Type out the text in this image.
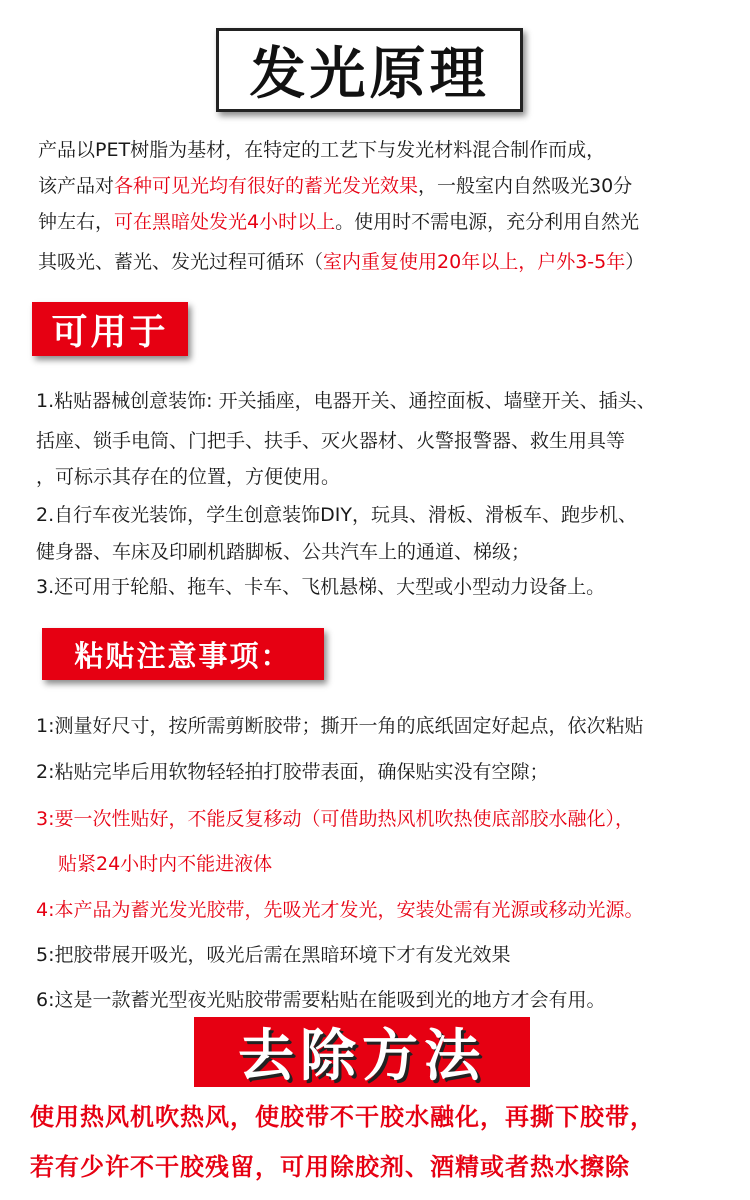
发光原理
产品以PET树脂为基材，在特定的工艺下与发光材料混合制作而成，
该产品对各种可见光均有很好的蓄光发光效果，一般室内自然吸光30分
钟左右，可在黑暗处发光4小时以上。使用时不需电源，充分利用自然光
其吸光、蓄光、发光过程可循环（室内重复使用20年以上，户外3-5年）
可用于
1.粘贴器械创意装饰: 开关插座，电器开关、通控面板、墙壁开关、插头、
括座、锁手电筒、门把手、扶手、灭火器材、火警报警器、救生用具等
，可标示其存在的位置，方便使用。
2.自行车夜光装饰，学生创意装饰DIY，玩具、滑板、滑板车、跑步机、
健身器、车床及印刷机踏脚板、公共汽车上的通道、梯级；
3.还可用于轮船、拖车、卡车、飞机悬梯、大型或小型动力设备上。
粘贴注意事项：
1:测量好尺寸，按所需剪断胶带；撕开一角的底纸固定好起点，依次粘贴
2:粘贴完毕后用软物轻轻拍打胶带表面，确保贴实没有空隙；
3:要一次性贴好，不能反复移动（可借助热风机吹热使底部胶水融化），
贴紧24小时内不能进液体
4:本产品为蓄光发光胶带，先吸光才发光，安装处需有光源或移动光源。
5:把胶带展开吸光，吸光后需在黑暗环境下才有发光效果
6:这是一款蓄光型夜光贴胶带需要粘贴在能吸到光的地方才会有用。
去除方法
使用热风机吹热风，使胶带不干胶水融化，再撕下胶带，
若有少许不干胶残留，可用除胶剂、酒精或者热水擦除
